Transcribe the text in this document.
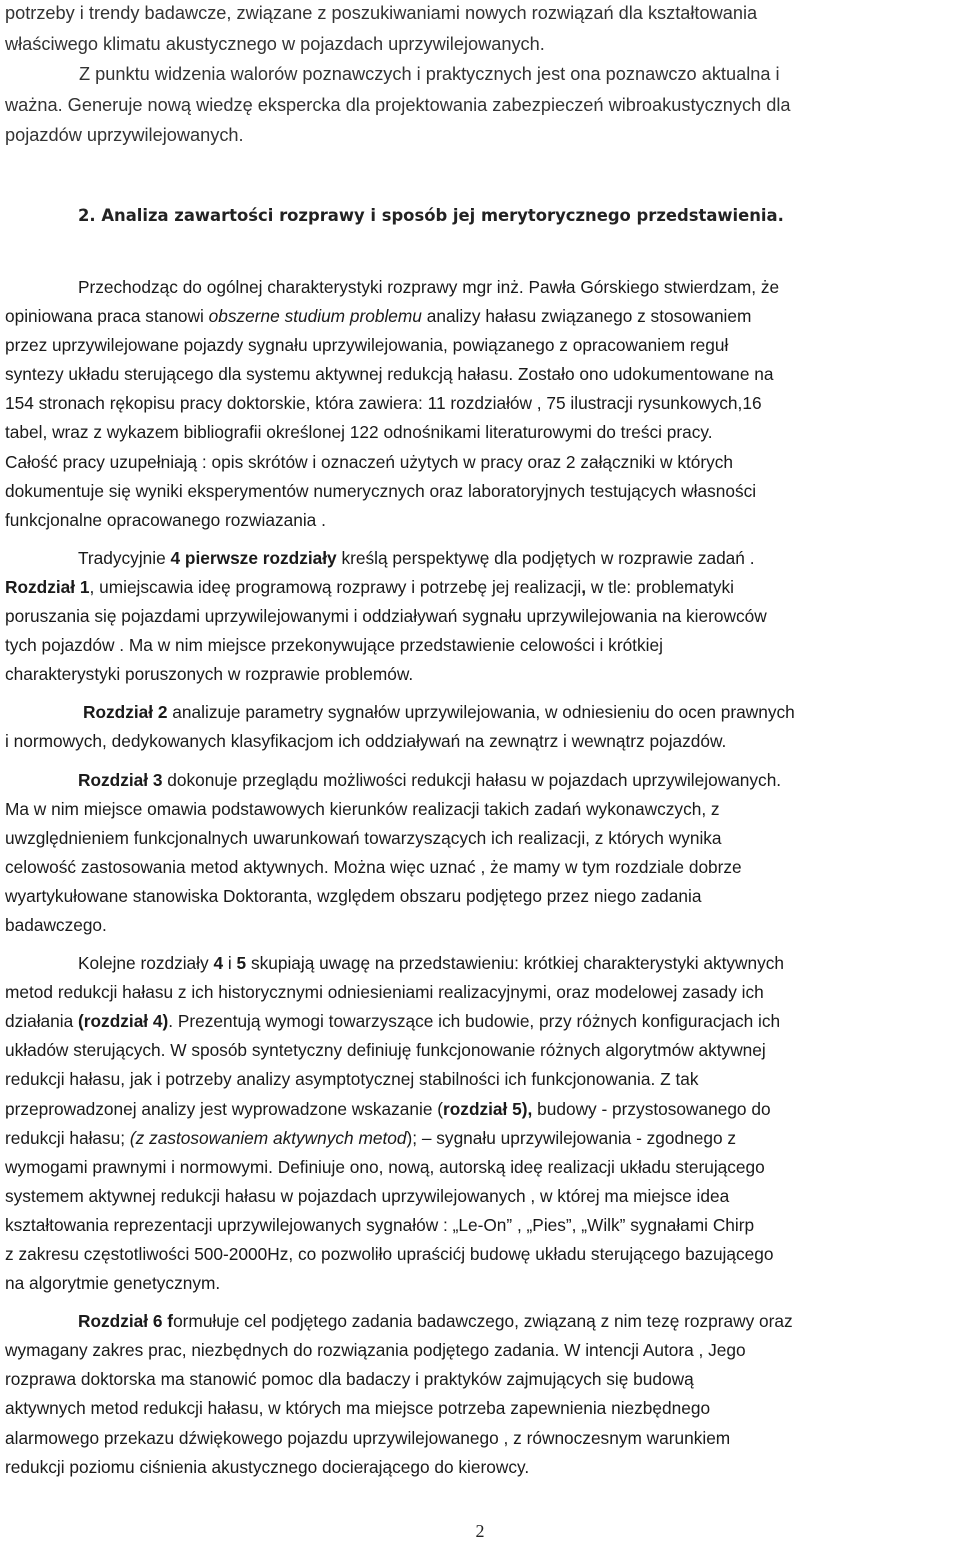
potrzeby i trendy badawcze, związane z poszukiwaniami nowych rozwiązań dla kształtowania
właściwego klimatu akustycznego w pojazdach uprzywilejowanych.
Z punktu widzenia walorów poznawczych i praktycznych jest ona poznawczo aktualna i
ważna. Generuje nową wiedzę ekspercka dla projektowania zabezpieczeń wibroakustycznych dla
pojazdów uprzywilejowanych.
2. Analiza zawartości rozprawy i sposób jej merytorycznego przedstawienia.

Przechodząc do ogólnej charakterystyki rozprawy mgr inż. Pawła Górskiego stwierdzam, że
opiniowana praca stanowi obszerne studium problemu analizy hałasu związanego z stosowaniem
przez uprzywilejowane pojazdy sygnału uprzywilejowania, powiązanego z opracowaniem reguł
syntezy układu sterującego dla systemu aktywnej redukcją hałasu. Zostało ono udokumentowane na
154 stronach rękopisu pracy doktorskie, która zawiera: 11 rozdziałów , 75 ilustracji rysunkowych,16
tabel, wraz z wykazem bibliografii określonej 122 odnośnikami literaturowymi do treści pracy.
Całość pracy uzupełniają : opis skrótów i oznaczeń użytych w pracy oraz 2 załączniki w których
dokumentuje się wyniki eksperymentów numerycznych oraz laboratoryjnych testujących własności
funkcjonalne opracowanego rozwiazania .

Tradycyjnie 4 pierwsze rozdziały kreślą perspektywę dla podjętych w rozprawie zadań .
Rozdział 1, umiejscawia ideę programową rozprawy i potrzebę jej realizacji, w tle: problematyki
poruszania się pojazdami uprzywilejowanymi i oddziaływań sygnału uprzywilejowania na kierowców
tych pojazdów . Ma w nim miejsce przekonywujące przedstawienie celowości i krótkiej
charakterystyki poruszonych w rozprawie problemów.

Rozdział 2 analizuje parametry sygnałów uprzywilejowania, w odniesieniu do ocen prawnych
i normowych, dedykowanych klasyfikacjom ich oddziaływań na zewnątrz i wewnątrz pojazdów.

Rozdział 3 dokonuje przeglądu możliwości redukcji hałasu w pojazdach uprzywilejowanych.
Ma w nim miejsce omawia podstawowych kierunków realizacji takich zadań wykonawczych, z
uwzględnieniem funkcjonalnych uwarunkowań towarzyszących ich realizacji, z których wynika
celowość zastosowania metod aktywnych. Można więc uznać , że mamy w tym rozdziale dobrze
wyartykułowane stanowiska Doktoranta, względem obszaru podjętego przez niego zadania
badawczego.

Kolejne rozdziały 4 i 5 skupiają uwagę na przedstawieniu: krótkiej charakterystyki aktywnych
metod redukcji hałasu z ich historycznymi odniesieniami realizacyjnymi, oraz modelowej zasady ich
działania (rozdział 4). Prezentują wymogi towarzyszące ich budowie, przy różnych konfiguracjach ich
układów sterujących. W sposób syntetyczny definiuję funkcjonowanie różnych algorytmów aktywnej
redukcji hałasu, jak i potrzeby analizy asymptotycznej stabilności ich funkcjonowania. Z tak
przeprowadzonej analizy jest wyprowadzone wskazanie (rozdział 5), budowy - przystosowanego do
redukcji hałasu; (z zastosowaniem aktywnych metod); – sygnału uprzywilejowania - zgodnego z
wymogami prawnymi i normowymi. Definiuje ono, nową, autorską ideę realizacji układu sterującego
systemem aktywnej redukcji hałasu w pojazdach uprzywilejowanych , w której ma miejsce idea
kształtowania reprezentacji uprzywilejowanych sygnałów : „Le-On” , „Pies”, „Wilk” sygnałami Chirp
z zakresu częstotliwości 500-2000Hz, co pozwoliło upraścićj budowę układu sterującego bazującego
na algorytmie genetycznym.

Rozdział 6 formułuje cel podjętego zadania badawczego, związaną z nim tezę rozprawy oraz
wymagany zakres prac, niezbędnych do rozwiązania podjętego zadania. W intencji Autora , Jego
rozprawa doktorska ma stanowić pomoc dla badaczy i praktyków zajmujących się budową
aktywnych metod redukcji hałasu, w których ma miejsce potrzeba zapewnienia niezbędnego
alarmowego przekazu dźwiękowego pojazdu uprzywilejowanego , z równoczesnym warunkiem
redukcji poziomu ciśnienia akustycznego docierającego do kierowcy.

2
